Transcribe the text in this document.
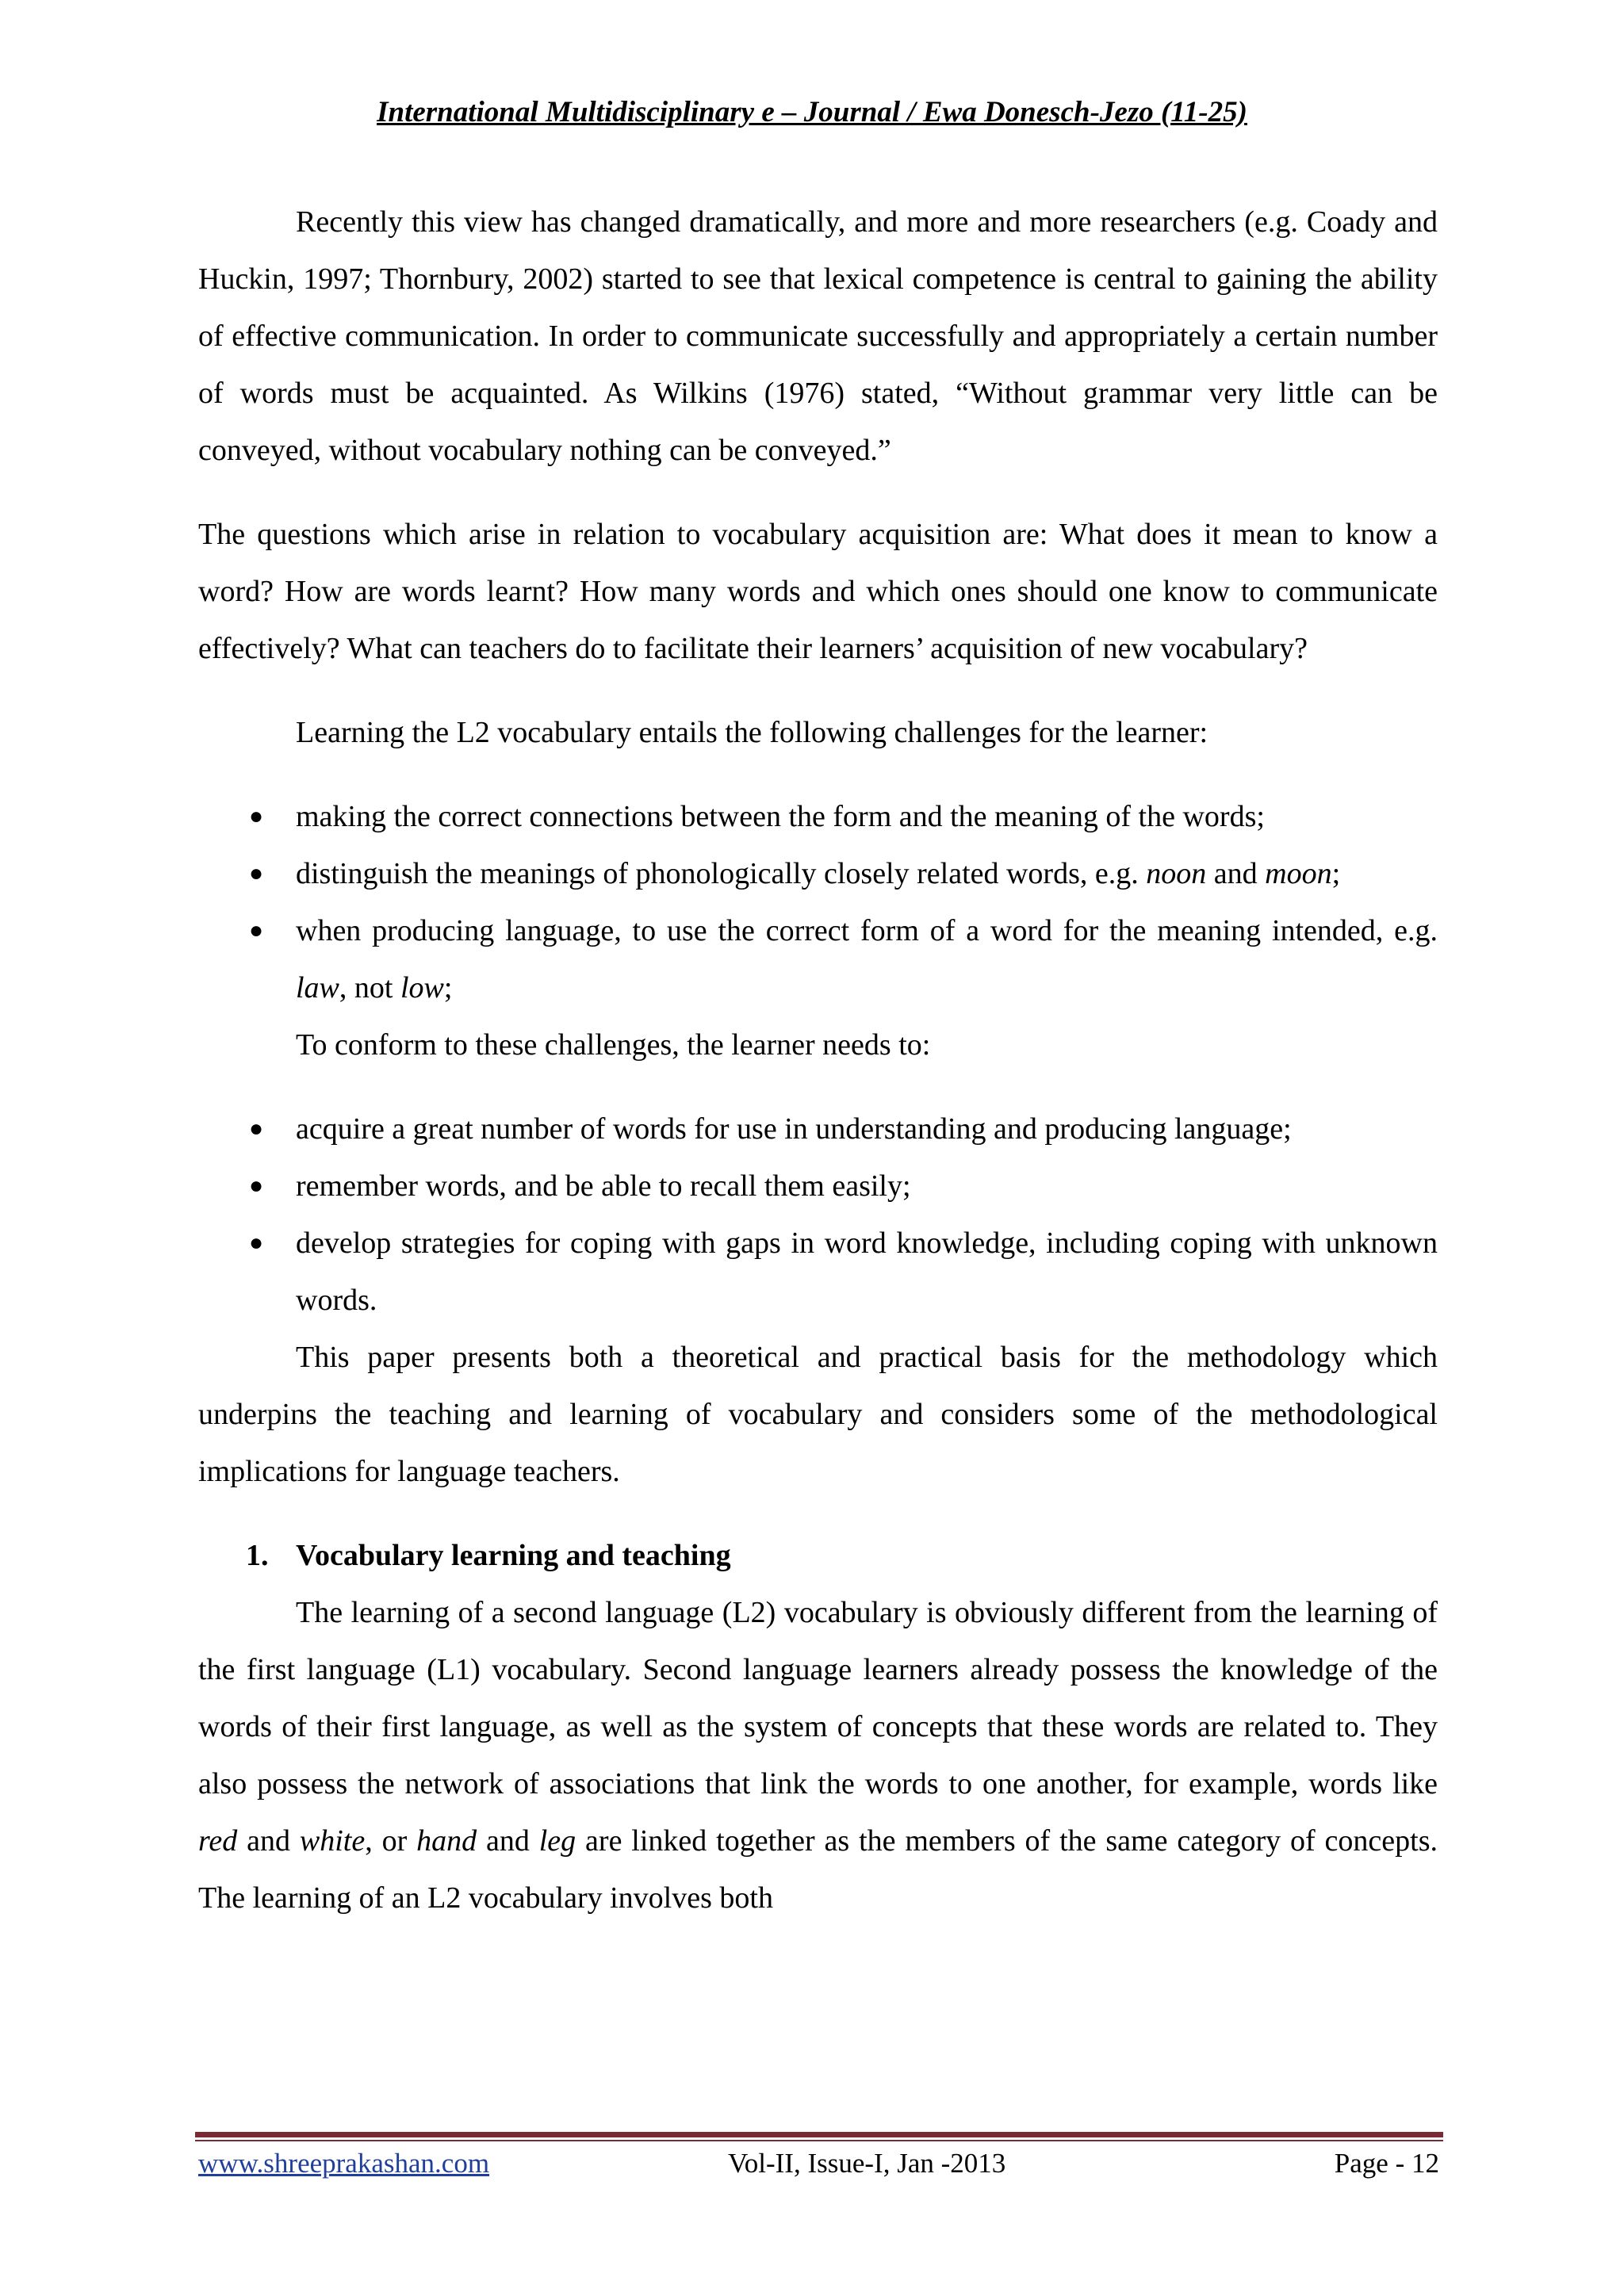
International Multidisciplinary e – Journal / Ewa Donesch-Jezo (11-25)

Recently this view has changed dramatically, and more and more researchers (e.g. Coady and Huckin, 1997; Thornbury, 2002) started to see that lexical competence is central to gaining the ability of effective communication. In order to communicate successfully and appropriately a certain number of words must be acquainted. As Wilkins (1976) stated, “Without grammar very little can be conveyed, without vocabulary nothing can be conveyed.”

The questions which arise in relation to vocabulary acquisition are: What does it mean to know a word? How are words learnt? How many words and which ones should one know to communicate effectively? What can teachers do to facilitate their learners’ acquisition of new vocabulary?

Learning the L2 vocabulary entails the following challenges for the learner:

● making the correct connections between the form and the meaning of the words;
● distinguish the meanings of phonologically closely related words, e.g. noon and moon;
● when producing language, to use the correct form of a word for the meaning intended, e.g. law, not low;

To conform to these challenges, the learner needs to:

● acquire a great number of words for use in understanding and producing language;
● remember words, and be able to recall them easily;
● develop strategies for coping with gaps in word knowledge, including coping with unknown words.

This paper presents both a theoretical and practical basis for the methodology which underpins the teaching and learning of vocabulary and considers some of the methodological implications for language teachers.

1. Vocabulary learning and teaching

The learning of a second language (L2) vocabulary is obviously different from the learning of the first language (L1) vocabulary. Second language learners already possess the knowledge of the words of their first language, as well as the system of concepts that these words are related to. They also possess the network of associations that link the words to one another, for example, words like red and white, or hand and leg are linked together as the members of the same category of concepts. The learning of an L2 vocabulary involves both

www.shreeprakashan.com	Vol-II, Issue-I, Jan -2013	Page - 12
